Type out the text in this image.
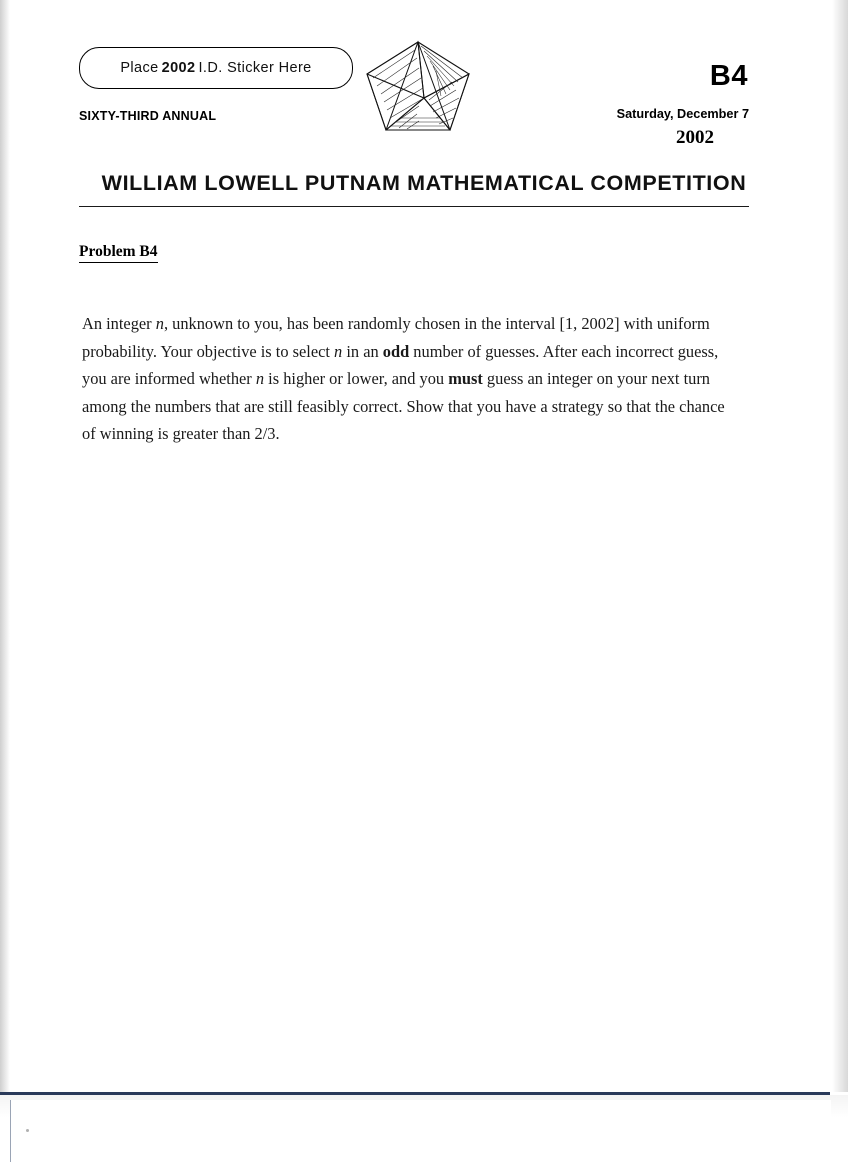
Place 2002 I.D. Sticker Here
SIXTY-THIRD ANNUAL
B4
Saturday, December 7
2002
WILLIAM LOWELL PUTNAM MATHEMATICAL COMPETITION
Problem B4
An integer n, unknown to you, has been randomly chosen in the interval [1, 2002] with uniform probability. Your objective is to select n in an odd number of guesses. After each incorrect guess, you are informed whether n is higher or lower, and you must guess an integer on your next turn among the numbers that are still feasibly correct. Show that you have a strategy so that the chance of winning is greater than 2/3.
